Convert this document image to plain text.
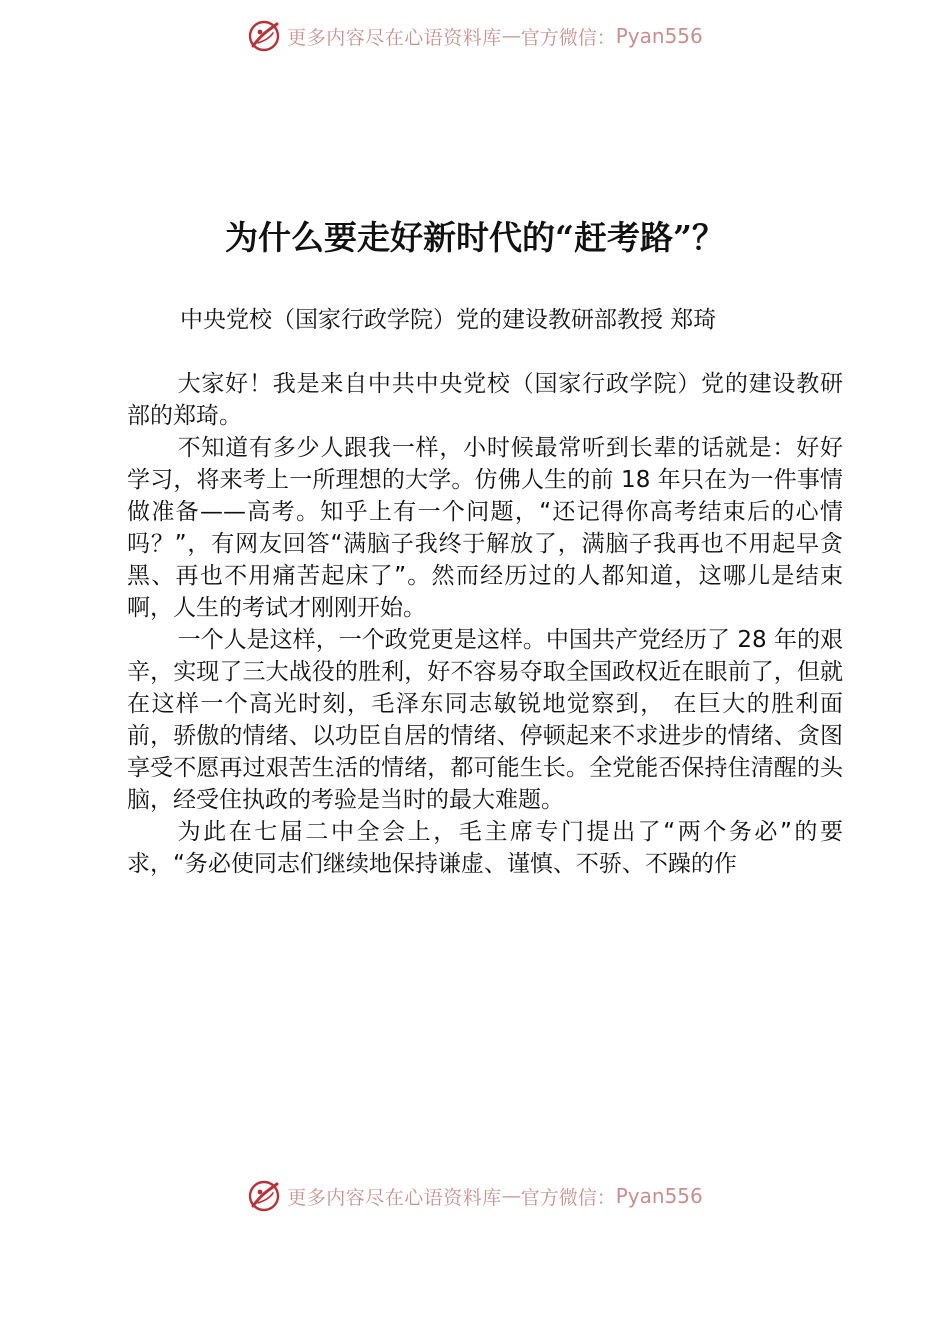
更多内容尽在心语资料库 — 官方微信： Pyan556
为什么要走好新时代的“赶考路”？

中央党校（国家行政学院）党的建设教研部教授 郑琦

大家好！我是来自中共中央党校（国家行政学院）党的建设教研部的郑琦。

不知道有多少人跟我一样，小时候最常听到长辈的话就是：好好学习，将来考上一所理想的大学。仿佛人生的前 18 年只在为一件事情做准备——高考。知乎上有一个问题，“还记得你高考结束后的心情吗？”，有网友回答“满脑子我终于解放了，满脑子我再也不用起早贪黑、再也不用痛苦起床了”。然而经历过的人都知道，这哪儿是结束啊，人生的考试才刚刚开始。

一个人是这样，一个政党更是这样。中国共产党经历了 28 年的艰辛，实现了三大战役的胜利，好不容易夺取全国政权近在眼前了，但就在这样一个高光时刻，毛泽东同志敏锐地觉察到， 在巨大的胜利面前，骄傲的情绪、以功臣自居的情绪、停顿起来不求进步的情绪、贪图享受不愿再过艰苦生活的情绪，都可能生长。全党能否保持住清醒的头脑，经受住执政的考验是当时的最大难题。

为此在七届二中全会上，毛主席专门提出了“两个务必”的要求，“务必使同志们继续地保持谦虚、谨慎、不骄、不躁的作

更多内容尽在心语资料库 — 官方微信： Pyan556
